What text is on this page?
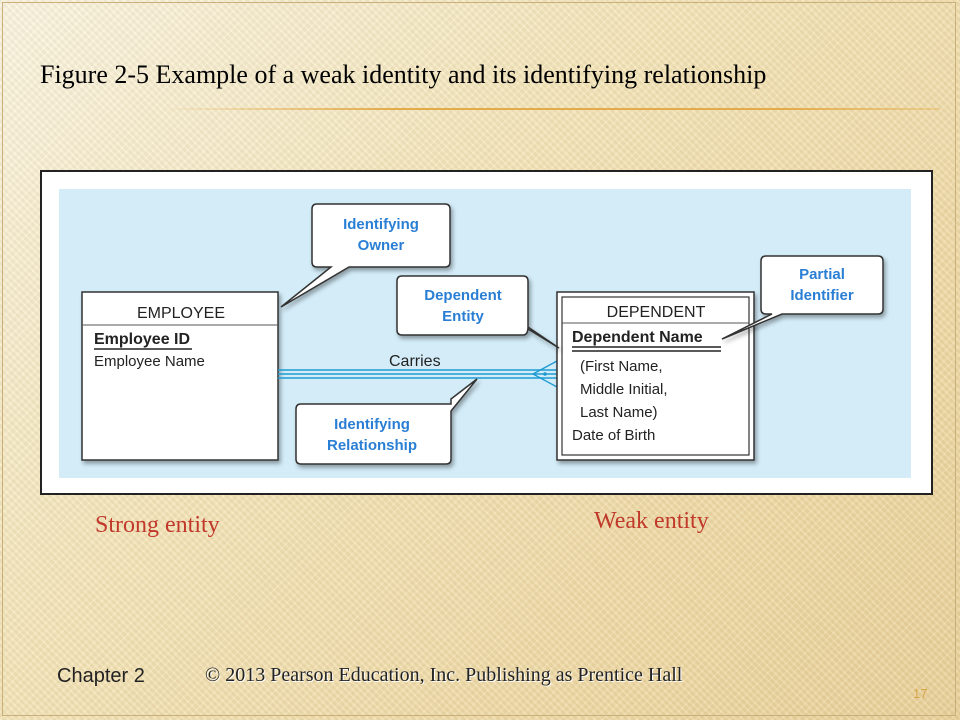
Figure 2-5 Example of a weak identity and its identifying relationship
EMPLOYEE
Employee ID
Employee Name	Carries
DEPENDENT
Dependent Name
(First Name,
Middle Initial,
Last Name)
Date of Birth
Identifying
Owner
Dependent
Entity
Partial
Identifier
Identifying
Relationship
Strong entity	Weak entity
Chapter 2	© 2013 Pearson Education, Inc. Publishing as Prentice Hall
17
